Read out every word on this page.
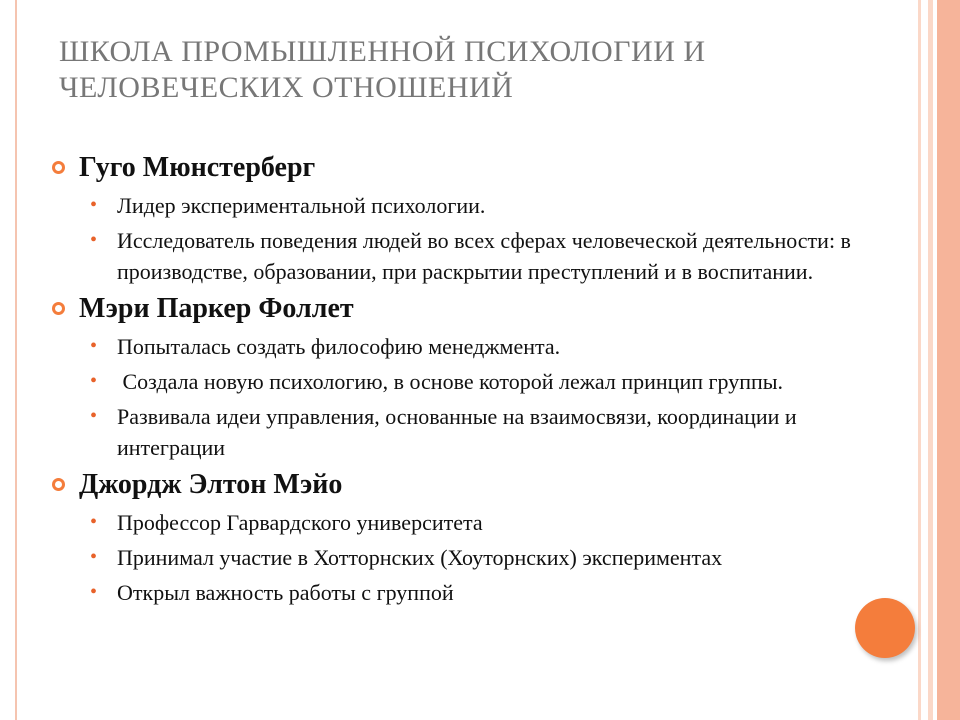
ШКОЛА ПРОМЫШЛЕННОЙ ПСИХОЛОГИИ И
ЧЕЛОВЕЧЕСКИХ ОТНОШЕНИЙ
Гуго Мюнстерберг
• Лидер экспериментальной психологии.
• Исследователь поведения людей во всех сферах человеческой деятельности: в производстве, образовании, при раскрытии преступлений и в воспитании.
Мэри Паркер Фоллет
• Попыталась создать философию менеджмента.
• Создала новую психологию, в основе которой лежал принцип группы.
• Развивала идеи управления, основанные на взаимосвязи, координации и интеграции
Джордж Элтон Мэйо
• Профессор Гарвардского университета
• Принимал участие в Хотторнских (Хоуторнских) экспериментах
• Открыл важность работы с группой
